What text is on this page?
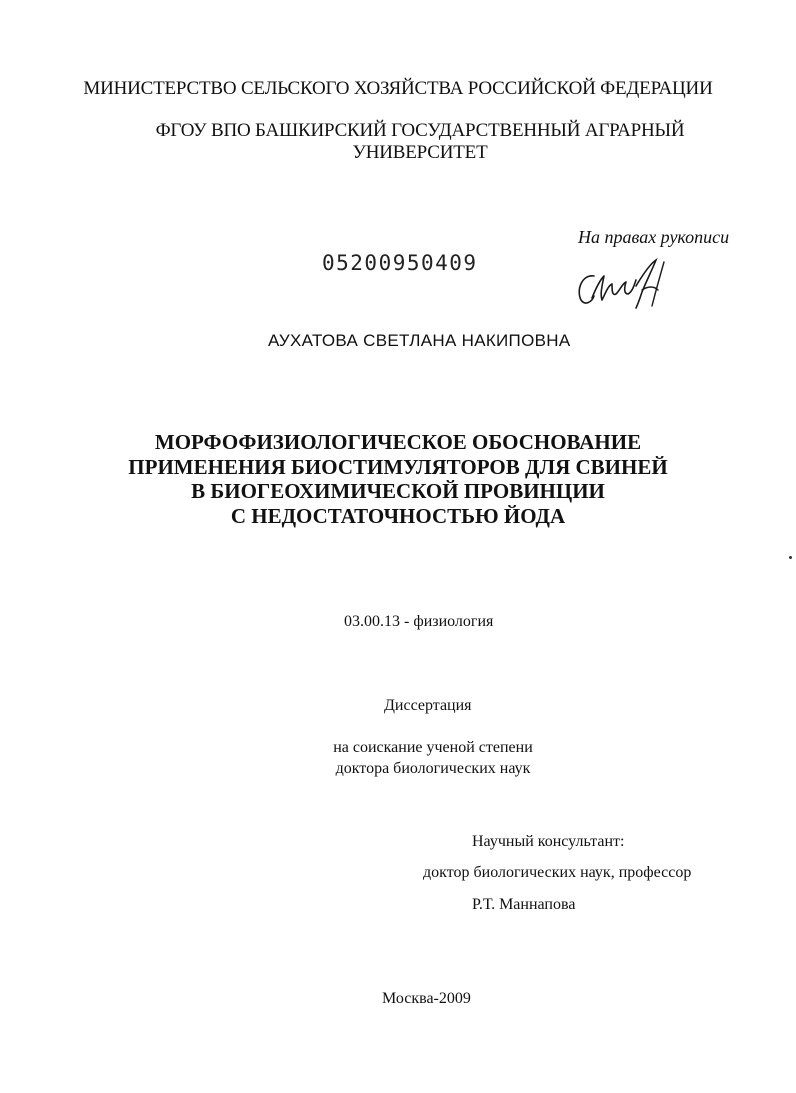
МИНИСТЕРСТВО СЕЛЬСКОГО ХОЗЯЙСТВА РОССИЙСКОЙ ФЕДЕРАЦИИ
ФГОУ ВПО БАШКИРСКИЙ ГОСУДАРСТВЕННЫЙ АГРАРНЫЙ
УНИВЕРСИТЕТ
На правах рукописи
05200950409
АУХАТОВА СВЕТЛАНА НАКИПОВНА
МОРФОФИЗИОЛОГИЧЕСКОЕ ОБОСНОВАНИЕ
ПРИМЕНЕНИЯ БИОСТИМУЛЯТОРОВ ДЛЯ СВИНЕЙ
В БИОГЕОХИМИЧЕСКОЙ ПРОВИНЦИИ
С НЕДОСТАТОЧНОСТЬЮ ЙОДА
03.00.13 - физиология
Диссертация
на соискание ученой степени
доктора биологических наук
Научный консультант:
доктор биологических наук, профессор
Р.Т. Маннапова
Москва-2009
